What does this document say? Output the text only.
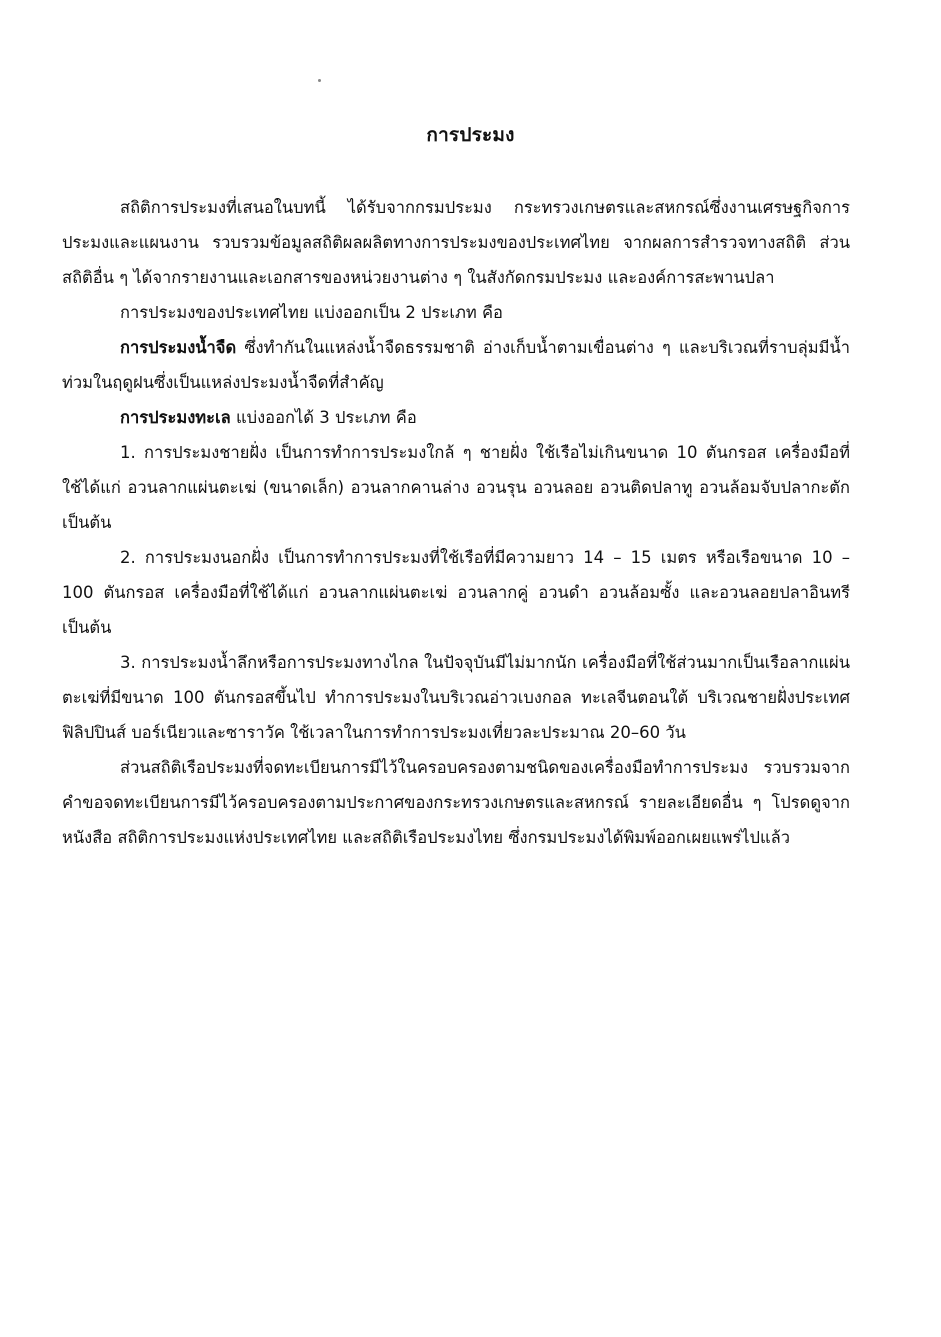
การประมง

สถิติการประมงที่เสนอในบทนี้ ได้รับจากกรมประมง กระทรวงเกษตรและสหกรณ์ซึ่งงานเศรษฐกิจการประมงและแผนงาน รวบรวมข้อมูลสถิติผลผลิตทางการประมงของประเทศไทย จากผลการสำรวจทางสถิติ ส่วนสถิติอื่น ๆ ได้จากรายงานและเอกสารของหน่วยงานต่าง ๆ ในสังกัดกรมประมง และองค์การสะพานปลา

การประมงของประเทศไทย แบ่งออกเป็น 2 ประเภท คือ

การประมงน้ำจืด ซึ่งทำกันในแหล่งน้ำจืดธรรมชาติ อ่างเก็บน้ำตามเขื่อนต่าง ๆ และบริเวณที่ราบลุ่มมีน้ำท่วมในฤดูฝนซึ่งเป็นแหล่งประมงน้ำจืดที่สำคัญ

การประมงทะเล แบ่งออกได้ 3 ประเภท คือ

1. การประมงชายฝั่ง เป็นการทำการประมงใกล้ ๆ ชายฝั่ง ใช้เรือไม่เกินขนาด 10 ตันกรอส เครื่องมือที่ใช้ได้แก่ อวนลากแผ่นตะเฆ่ (ขนาดเล็ก) อวนลากคานล่าง อวนรุน อวนลอย อวนติดปลาทู อวนล้อมจับปลากะตัก เป็นต้น

2. การประมงนอกฝั่ง เป็นการทำการประมงที่ใช้เรือที่มีความยาว 14 – 15 เมตร หรือเรือขนาด 10 – 100 ตันกรอส เครื่องมือที่ใช้ได้แก่ อวนลากแผ่นตะเฆ่ อวนลากคู่ อวนดำ อวนล้อมซั้ง และอวนลอยปลาอินทรี เป็นต้น

3. การประมงน้ำลึกหรือการประมงทางไกล ในปัจจุบันมีไม่มากนัก เครื่องมือที่ใช้ส่วนมากเป็นเรือลากแผ่นตะเฆ่ที่มีขนาด 100 ตันกรอสขึ้นไป ทำการประมงในบริเวณอ่าวเบงกอล ทะเลจีนตอนใต้ บริเวณชายฝั่งประเทศฟิลิปปินส์ บอร์เนียวและซาราวัค ใช้เวลาในการทำการประมงเที่ยวละประมาณ 20–60 วัน

ส่วนสถิติเรือประมงที่จดทะเบียนการมีไว้ในครอบครองตามชนิดของเครื่องมือทำการประมง รวบรวมจากคำขอจดทะเบียนการมีไว้ครอบครองตามประกาศของกระทรวงเกษตรและสหกรณ์ รายละเอียดอื่น ๆ โปรดดูจากหนังสือ สถิติการประมงแห่งประเทศไทย และสถิติเรือประมงไทย ซึ่งกรมประมงได้พิมพ์ออกเผยแพร่ไปแล้ว
